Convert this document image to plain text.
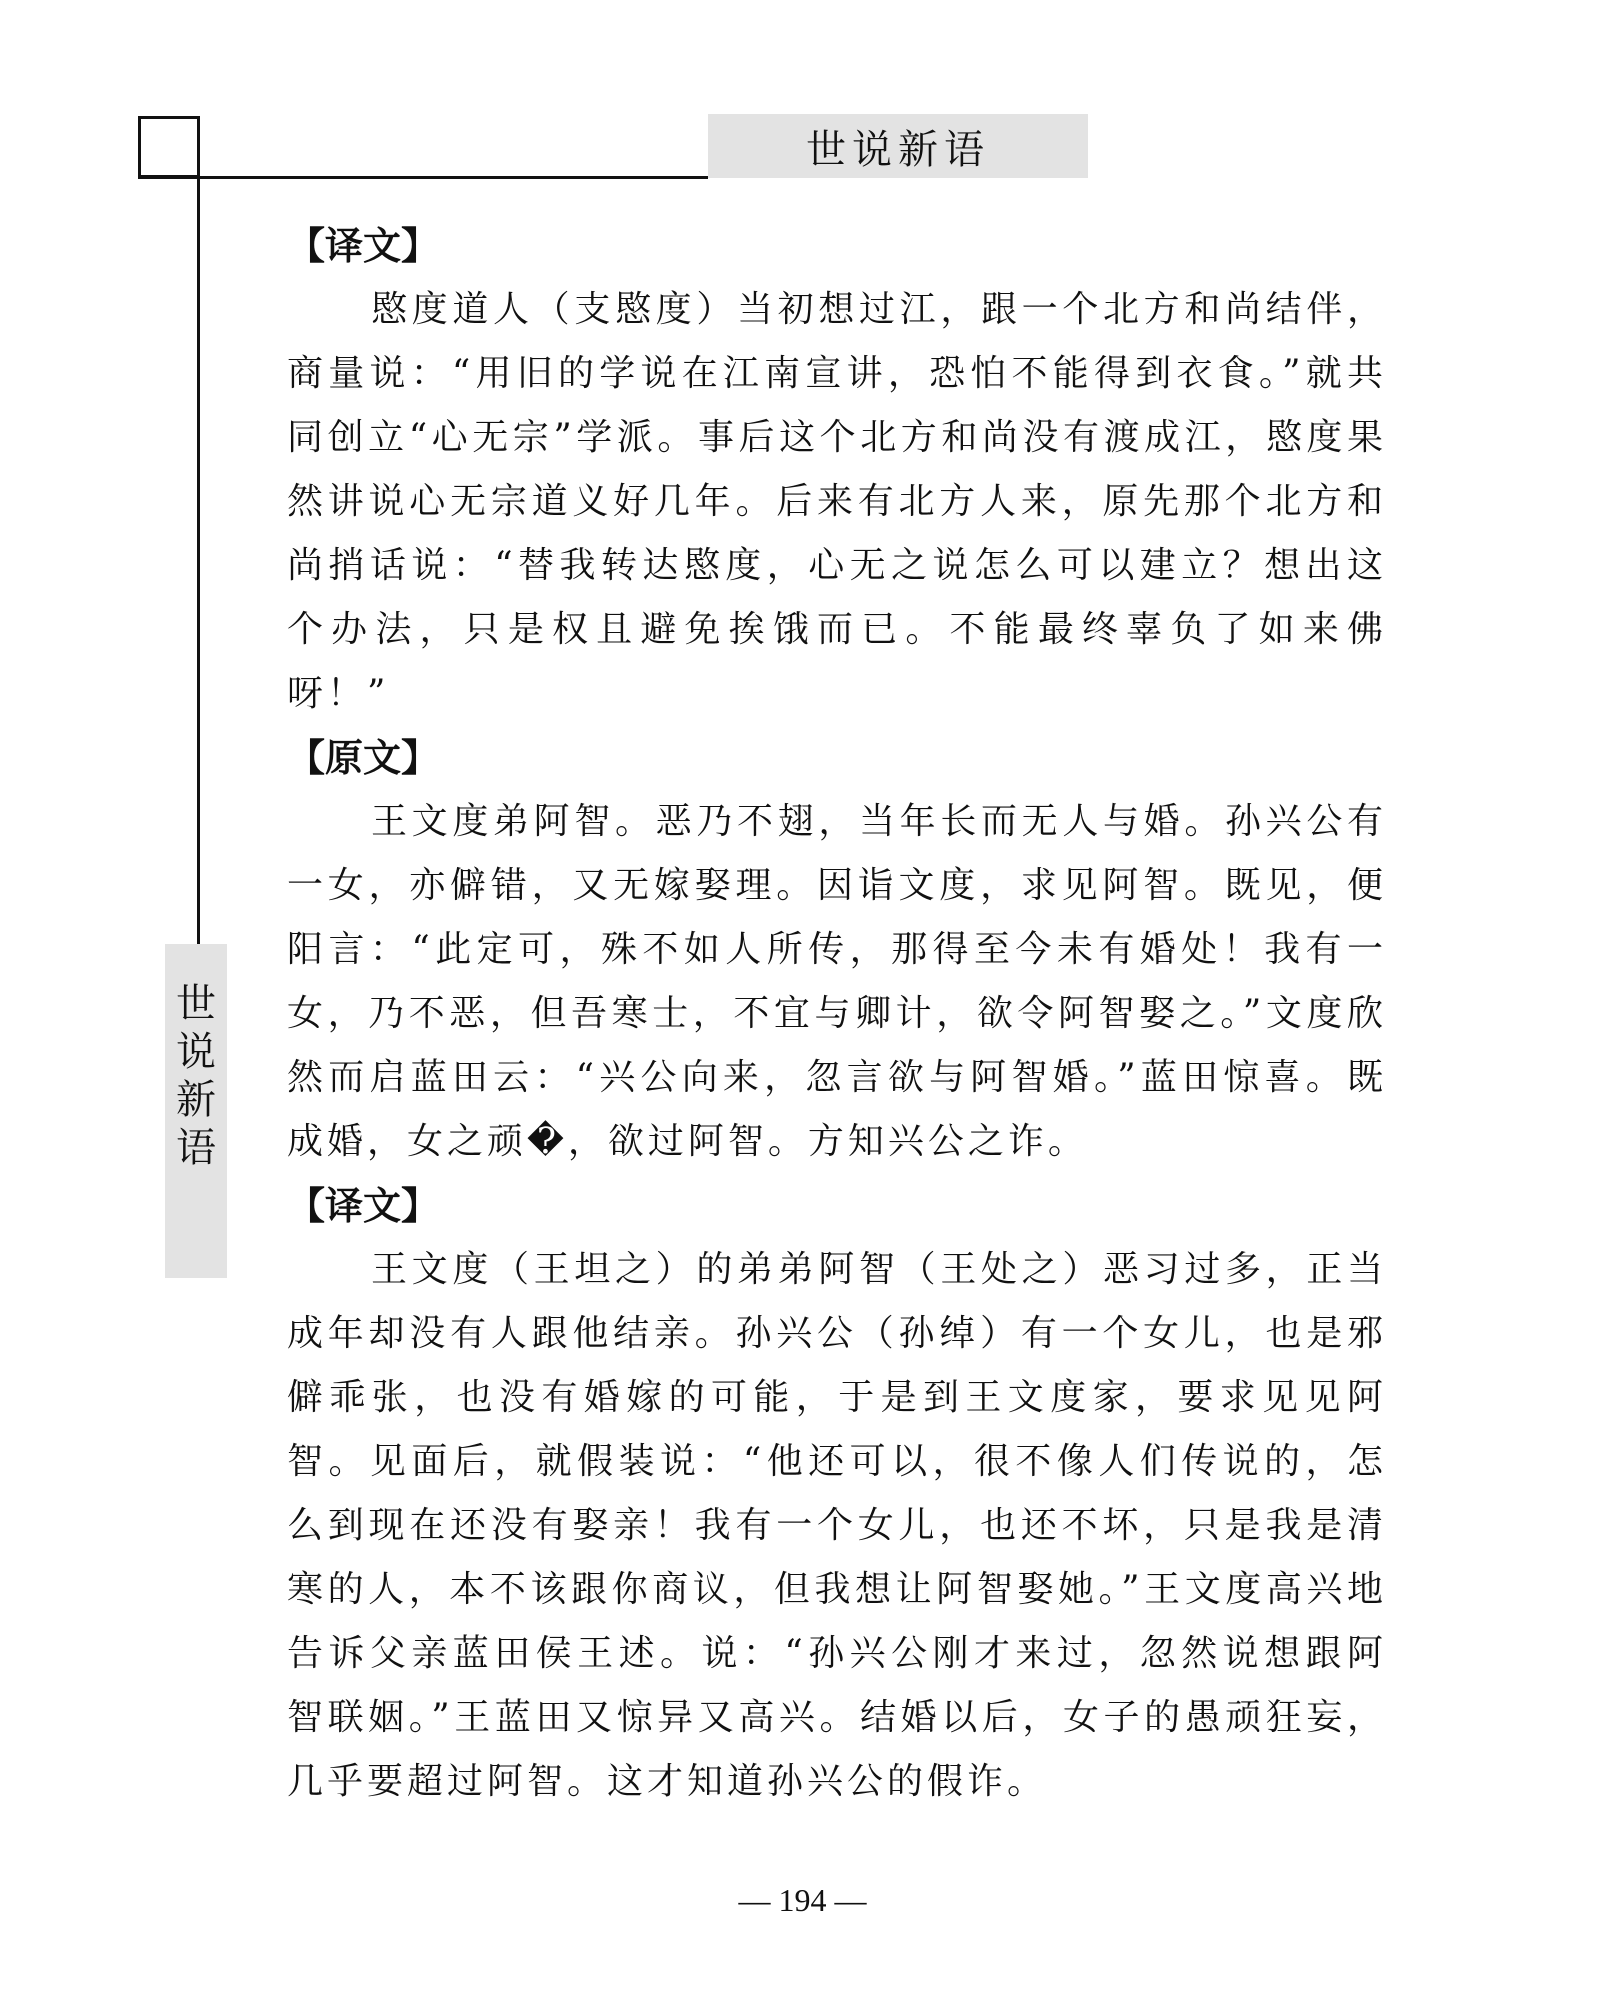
世说新语
世
说
新
语
【译文】

愍度道人（支愍度）当初想过江，跟一个北方和尚结伴，商量说：“用旧的学说在江南宣讲，恐怕不能得到衣食。”就共同创立“心无宗”学派。事后这个北方和尚没有渡成江，愍度果然讲说心无宗道义好几年。后来有北方人来，原先那个北方和尚捎话说：“替我转达愍度，心无之说怎么可以建立？想出这个办法，只是权且避免挨饿而已。不能最终辜负了如来佛呀！”

【原文】

王文度弟阿智。恶乃不翅，当年长而无人与婚。孙兴公有一女，亦僻错，又无嫁娶理。因诣文度，求见阿智。既见，便阳言：“此定可，殊不如人所传，那得至今未有婚处！我有一女，乃不恶，但吾寒士，不宜与卿计，欲令阿智娶之。”文度欣然而启蓝田云：“兴公向来，忽言欲与阿智婚。”蓝田惊喜。既成婚，女之顽�，欲过阿智。方知兴公之诈。

【译文】

王文度（王坦之）的弟弟阿智（王处之）恶习过多，正当成年却没有人跟他结亲。孙兴公（孙绰）有一个女儿，也是邪僻乖张，也没有婚嫁的可能，于是到王文度家，要求见见阿智。见面后，就假装说：“他还可以，很不像人们传说的，怎么到现在还没有娶亲！我有一个女儿，也还不坏，只是我是清寒的人，本不该跟你商议，但我想让阿智娶她。”王文度高兴地告诉父亲蓝田侯王述。说：“孙兴公刚才来过，忽然说想跟阿智联姻。”王蓝田又惊异又高兴。结婚以后，女子的愚顽狂妄，几乎要超过阿智。这才知道孙兴公的假诈。

— 194 —
